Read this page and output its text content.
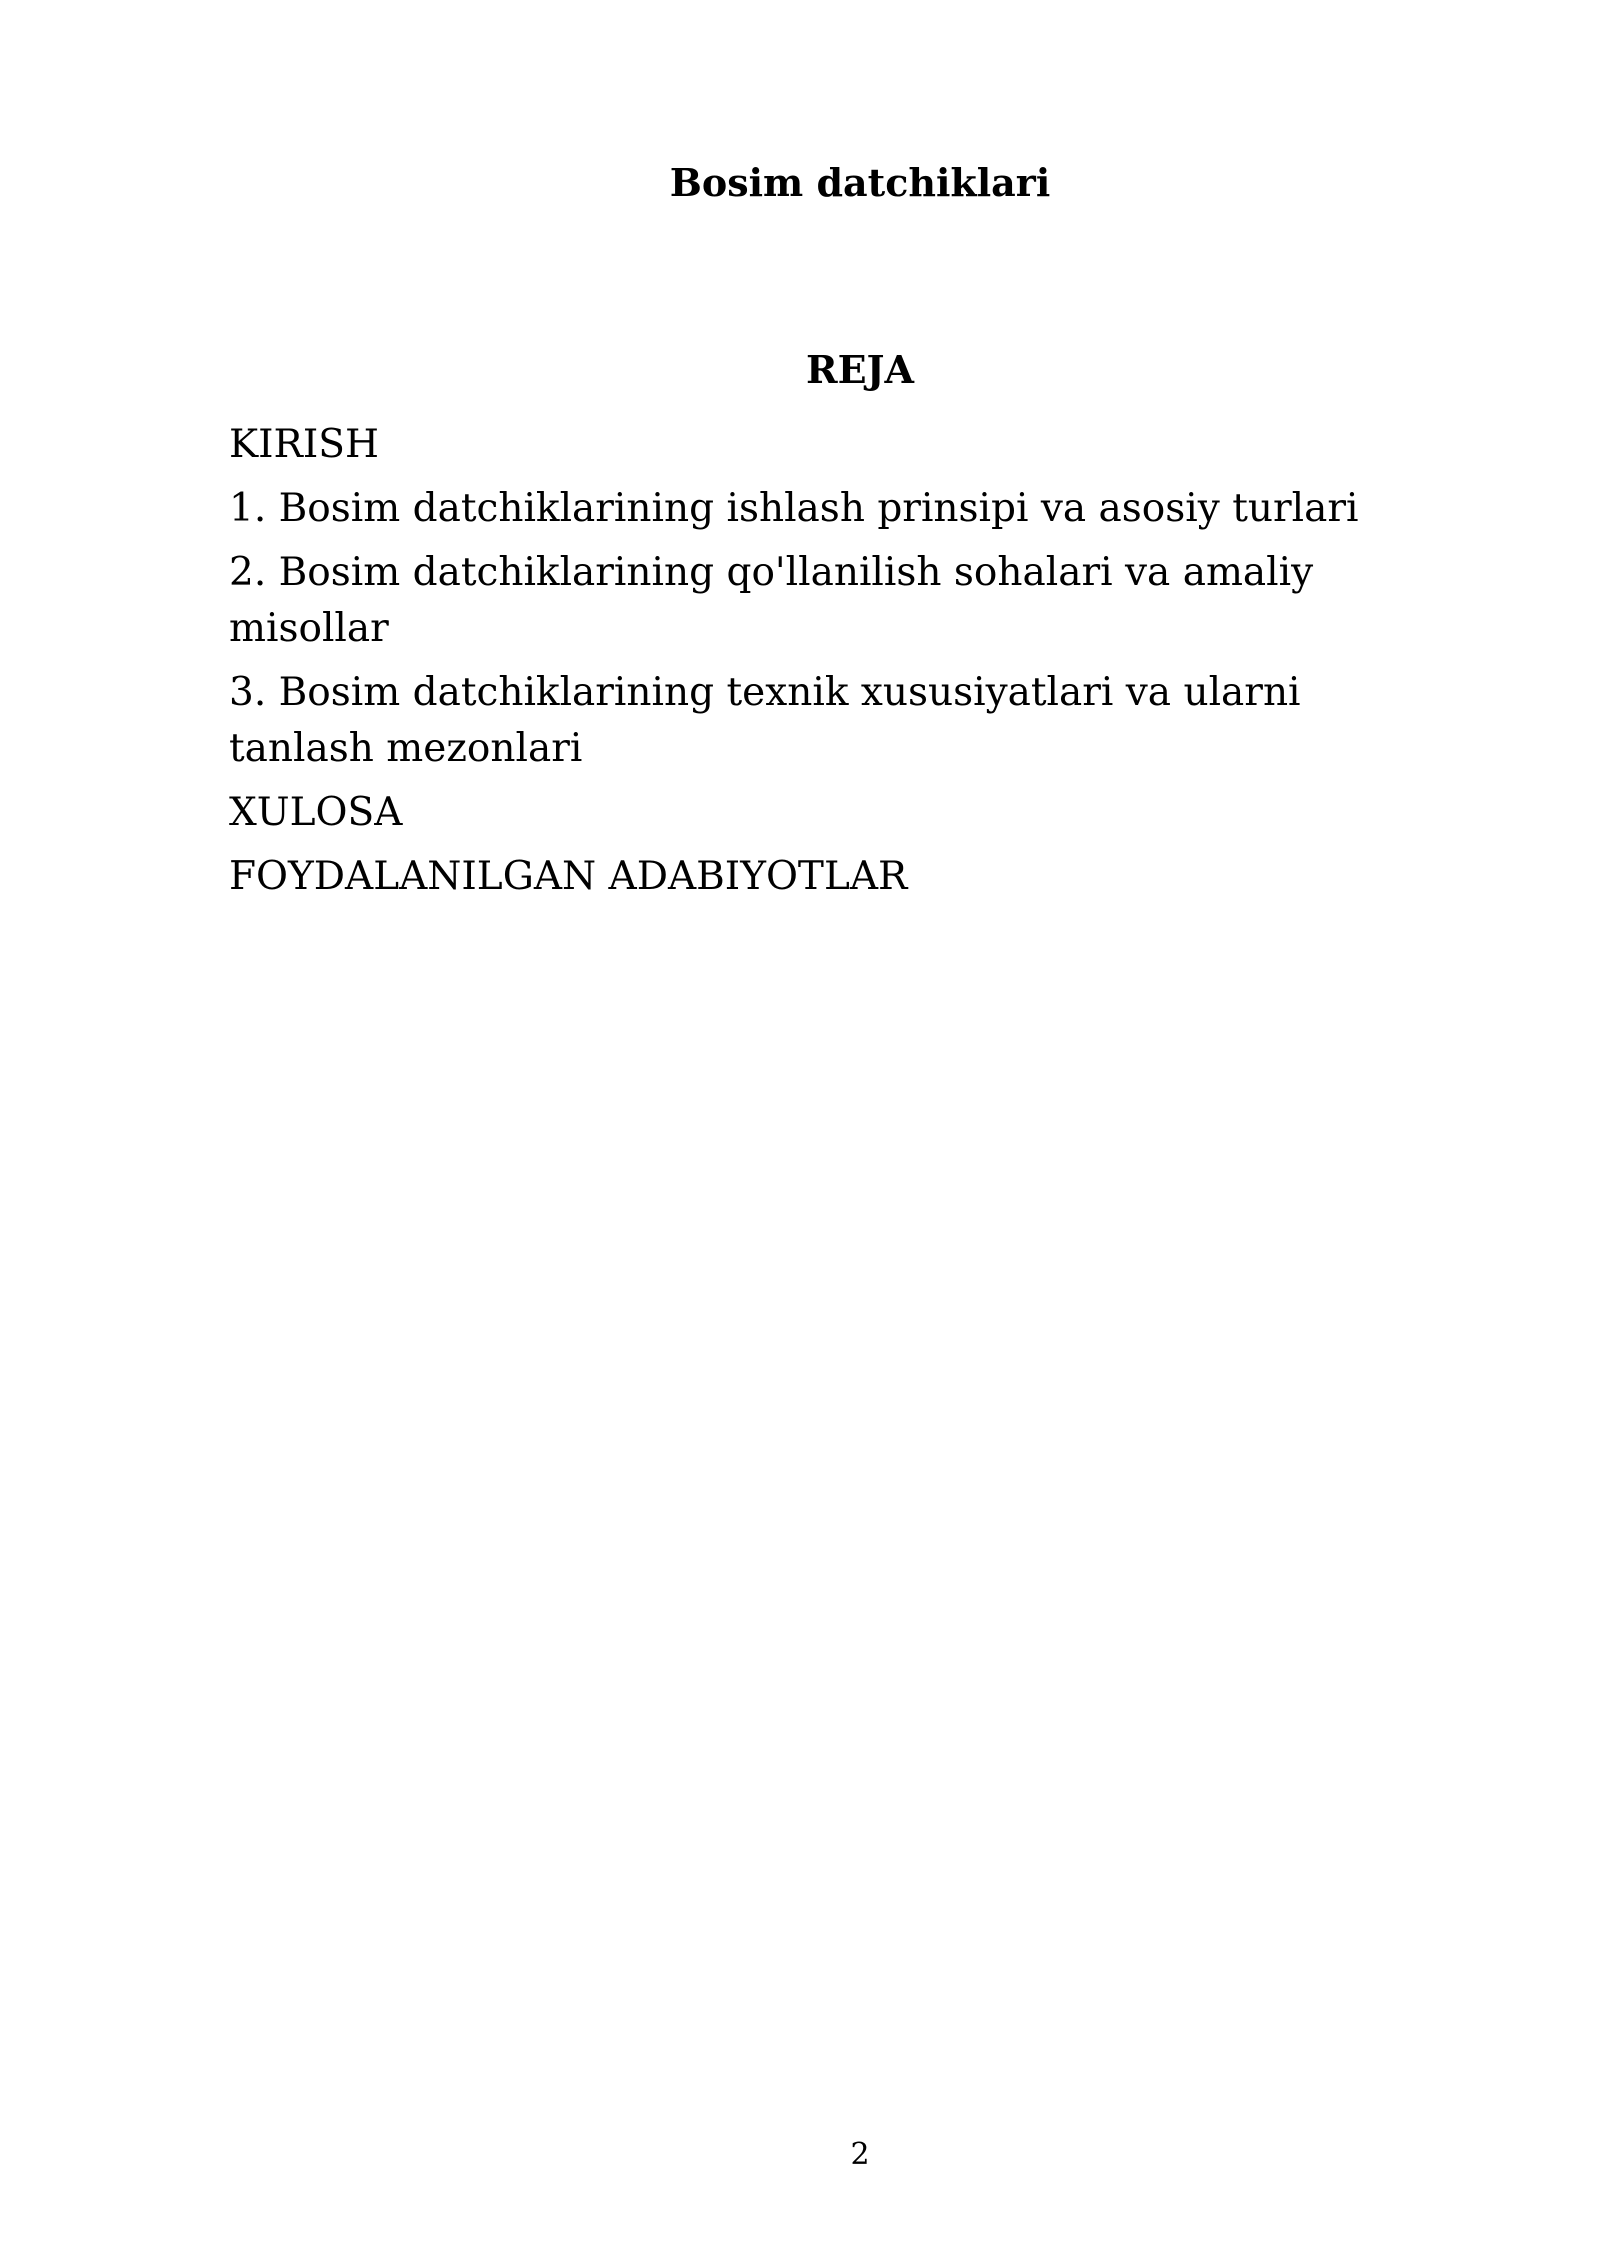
Bosim datchiklari
REJA
KIRISH
1. Bosim datchiklarining ishlash prinsipi va asosiy turlari
2. Bosim datchiklarining qo'llanilish sohalari va amaliy misollar
3. Bosim datchiklarining texnik xususiyatlari va ularni tanlash mezonlari
XULOSA
FOYDALANILGAN ADABIYOTLAR
2
